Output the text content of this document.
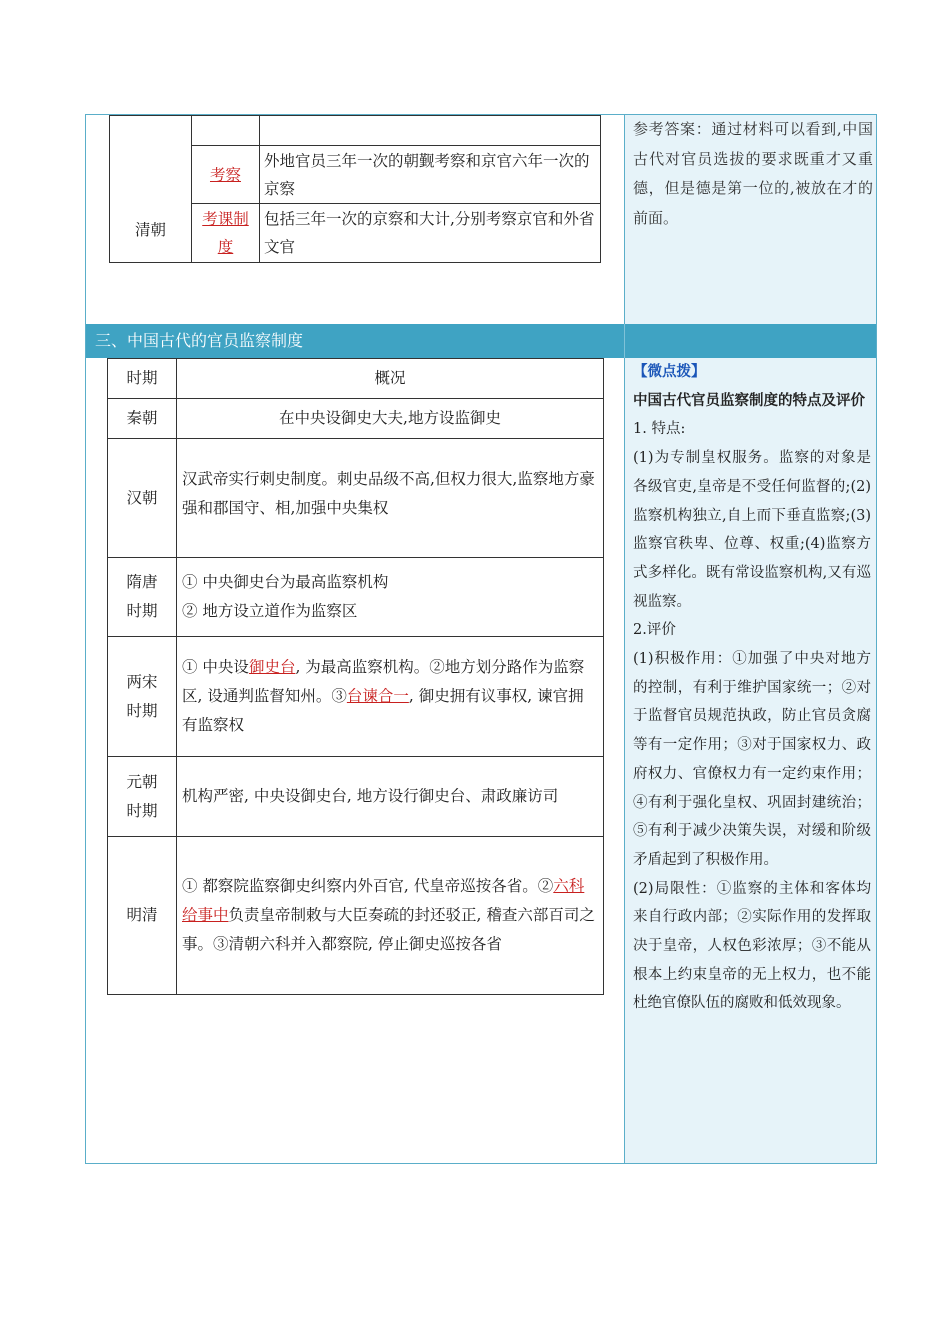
清朝		
	考察	外地官员三年一次的朝觐考察和京官六年一次的京察
	考课制度	包括三年一次的京察和大计,分别考察京官和外省文官

参考答案：通过材料可以看到,中国古代对官员选拔的要求既重才又重德，但是德是第一位的,被放在才的前面。

三、中国古代的官员监察制度
时期	概况
秦朝	在中央设御史大夫,地方设监御史
汉朝	汉武帝实行刺史制度。刺史品级不高,但权力很大,监察地方豪强和郡国守、相,加强中央集权
隋唐时期	① 中央御史台为最高监察机构
② 地方设立道作为监察区

两宋时期	① 中央设御史台, 为最高监察机构。②地方划分路作为监察区, 设通判监督知州。③台谏合一, 御史拥有议事权, 谏官拥有监察权
元朝时期	机构严密, 中央设御史台, 地方设行御史台、肃政廉访司
明清	① 都察院监察御史纠察内外百官, 代皇帝巡按各省。②六科给事中负责皇帝制敕与大臣奏疏的封还驳正, 稽查六部百司之事。③清朝六科并入都察院, 停止御史巡按各省

【微点拨】

中国古代官员监察制度的特点及评价

1. 特点:

(1)为专制皇权服务。监察的对象是各级官吏,皇帝是不受任何监督的;(2)监察机构独立,自上而下垂直监察;(3)监察官秩卑、位尊、权重;(4)监察方式多样化。既有常设监察机构,又有巡视监察。

2.评价

(1)积极作用：①加强了中央对地方的控制，有利于维护国家统一；②对于监督官员规范执政，防止官员贪腐等有一定作用；③对于国家权力、政府权力、官僚权力有一定约束作用；④有利于强化皇权、巩固封建统治；⑤有利于减少决策失误，对缓和阶级矛盾起到了积极作用。

(2)局限性：①监察的主体和客体均来自行政内部；②实际作用的发挥取决于皇帝，人权色彩浓厚；③不能从根本上约束皇帝的无上权力，也不能杜绝官僚队伍的腐败和低效现象。
